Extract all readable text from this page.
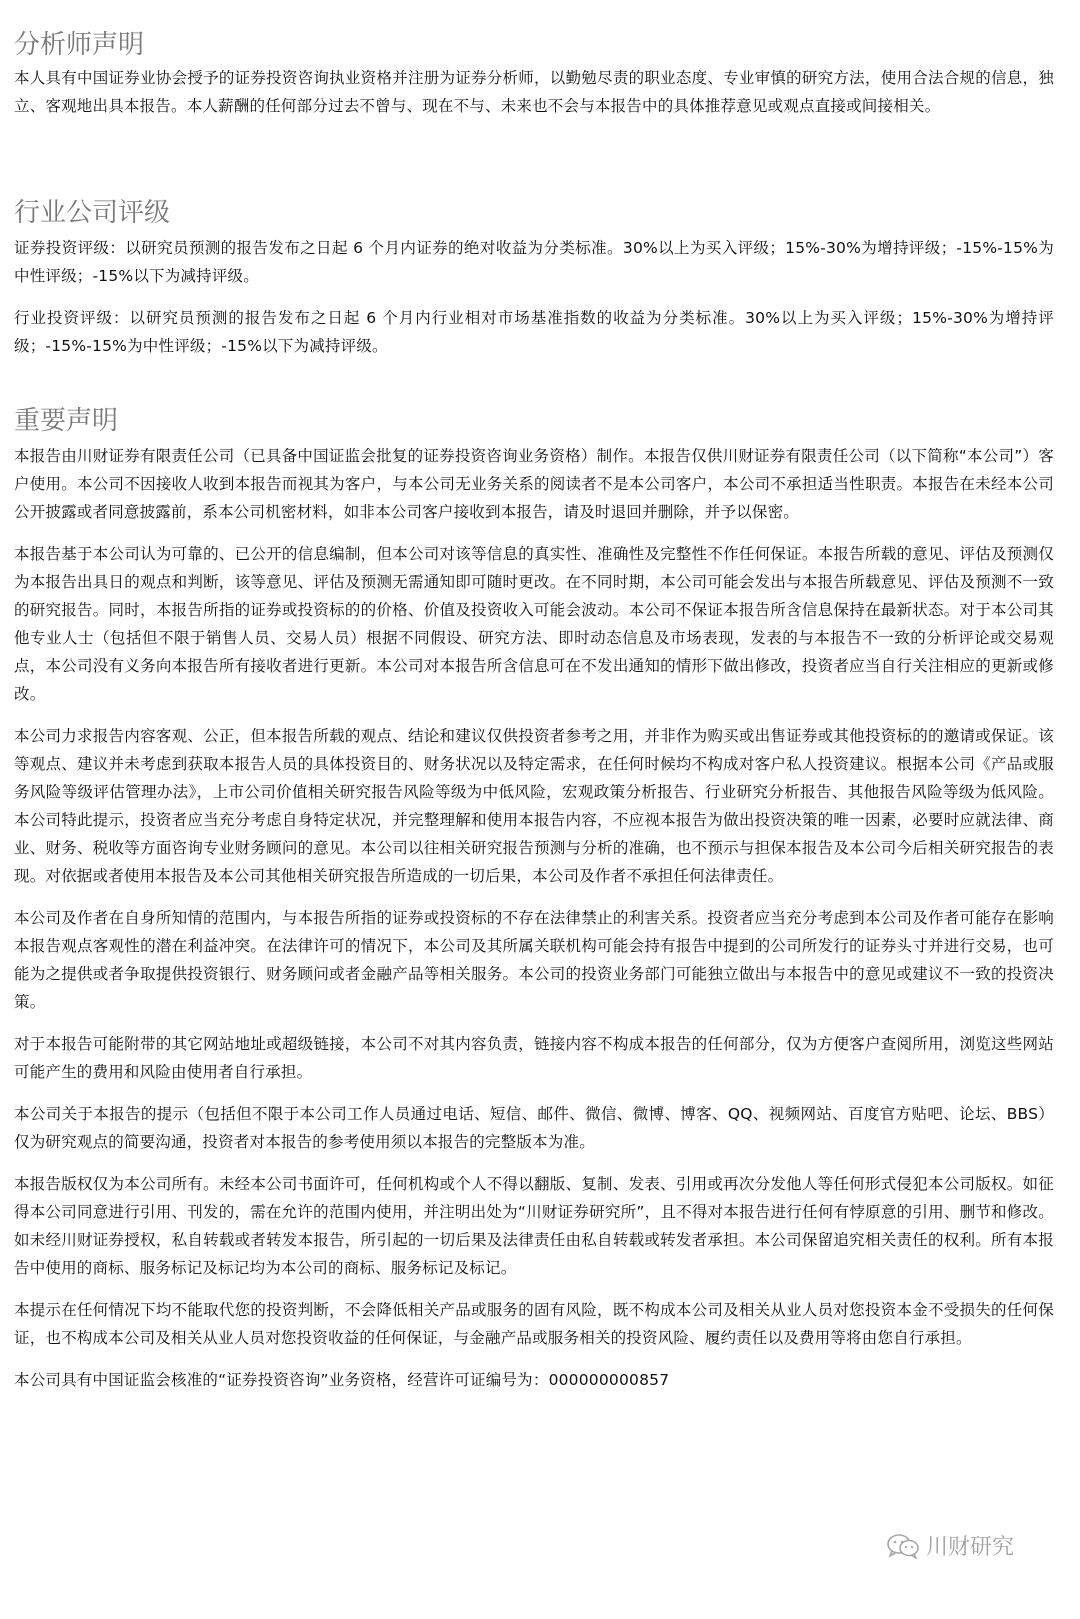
分析师声明

本人具有中国证券业协会授予的证券投资咨询执业资格并注册为证券分析师，以勤勉尽责的职业态度、专业审慎的研究方法，使用合法合规的信息，独立、客观地出具本报告。本人薪酬的任何部分过去不曾与、现在不与、未来也不会与本报告中的具体推荐意见或观点直接或间接相关。

行业公司评级

证券投资评级：以研究员预测的报告发布之日起 6 个月内证券的绝对收益为分类标准。30%以上为买入评级；15%-30%为增持评级；-15%-15%为中性评级；-15%以下为减持评级。

行业投资评级：以研究员预测的报告发布之日起 6 个月内行业相对市场基准指数的收益为分类标准。30%以上为买入评级；15%-30%为增持评级；-15%-15%为中性评级；-15%以下为减持评级。

重要声明

本报告由川财证券有限责任公司（已具备中国证监会批复的证券投资咨询业务资格）制作。本报告仅供川财证券有限责任公司（以下简称“本公司”）客户使用。本公司不因接收人收到本报告而视其为客户，与本公司无业务关系的阅读者不是本公司客户，本公司不承担适当性职责。本报告在未经本公司公开披露或者同意披露前，系本公司机密材料，如非本公司客户接收到本报告，请及时退回并删除，并予以保密。

本报告基于本公司认为可靠的、已公开的信息编制，但本公司对该等信息的真实性、准确性及完整性不作任何保证。本报告所载的意见、评估及预测仅为本报告出具日的观点和判断，该等意见、评估及预测无需通知即可随时更改。在不同时期，本公司可能会发出与本报告所载意见、评估及预测不一致的研究报告。同时，本报告所指的证券或投资标的的价格、价值及投资收入可能会波动。本公司不保证本报告所含信息保持在最新状态。对于本公司其他专业人士（包括但不限于销售人员、交易人员）根据不同假设、研究方法、即时动态信息及市场表现，发表的与本报告不一致的分析评论或交易观点，本公司没有义务向本报告所有接收者进行更新。本公司对本报告所含信息可在不发出通知的情形下做出修改，投资者应当自行关注相应的更新或修改。

本公司力求报告内容客观、公正，但本报告所载的观点、结论和建议仅供投资者参考之用，并非作为购买或出售证券或其他投资标的的邀请或保证。该等观点、建议并未考虑到获取本报告人员的具体投资目的、财务状况以及特定需求，在任何时候均不构成对客户私人投资建议。根据本公司《产品或服务风险等级评估管理办法》，上市公司价值相关研究报告风险等级为中低风险，宏观政策分析报告、行业研究分析报告、其他报告风险等级为低风险。本公司特此提示，投资者应当充分考虑自身特定状况，并完整理解和使用本报告内容，不应视本报告为做出投资决策的唯一因素，必要时应就法律、商业、财务、税收等方面咨询专业财务顾问的意见。本公司以往相关研究报告预测与分析的准确，也不预示与担保本报告及本公司今后相关研究报告的表现。对依据或者使用本报告及本公司其他相关研究报告所造成的一切后果，本公司及作者不承担任何法律责任。

本公司及作者在自身所知情的范围内，与本报告所指的证券或投资标的不存在法律禁止的利害关系。投资者应当充分考虑到本公司及作者可能存在影响本报告观点客观性的潜在利益冲突。在法律许可的情况下，本公司及其所属关联机构可能会持有报告中提到的公司所发行的证券头寸并进行交易，也可能为之提供或者争取提供投资银行、财务顾问或者金融产品等相关服务。本公司的投资业务部门可能独立做出与本报告中的意见或建议不一致的投资决策。

对于本报告可能附带的其它网站地址或超级链接，本公司不对其内容负责，链接内容不构成本报告的任何部分，仅为方便客户查阅所用，浏览这些网站可能产生的费用和风险由使用者自行承担。

本公司关于本报告的提示（包括但不限于本公司工作人员通过电话、短信、邮件、微信、微博、博客、QQ、视频网站、百度官方贴吧、论坛、BBS）仅为研究观点的简要沟通，投资者对本报告的参考使用须以本报告的完整版本为准。

本报告版权仅为本公司所有。未经本公司书面许可，任何机构或个人不得以翻版、复制、发表、引用或再次分发他人等任何形式侵犯本公司版权。如征得本公司同意进行引用、刊发的，需在允许的范围内使用，并注明出处为“川财证券研究所”，且不得对本报告进行任何有悖原意的引用、删节和修改。如未经川财证券授权，私自转载或者转发本报告，所引起的一切后果及法律责任由私自转载或转发者承担。本公司保留追究相关责任的权利。所有本报告中使用的商标、服务标记及标记均为本公司的商标、服务标记及标记。

本提示在任何情况下均不能取代您的投资判断，不会降低相关产品或服务的固有风险，既不构成本公司及相关从业人员对您投资本金不受损失的任何保证，也不构成本公司及相关从业人员对您投资收益的任何保证，与金融产品或服务相关的投资风险、履约责任以及费用等将由您自行承担。

本公司具有中国证监会核准的“证券投资咨询”业务资格，经营许可证编号为：000000000857

川财研究
